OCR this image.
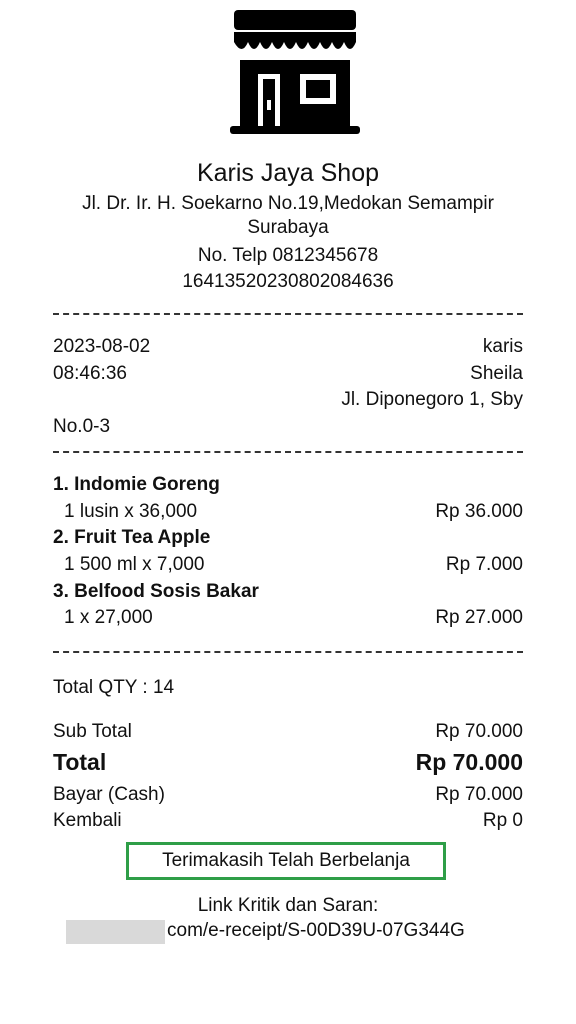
Karis Jaya Shop
Jl. Dr. Ir. H. Soekarno No.19,Medokan Semampir
Surabaya
No. Telp 0812345678
16413520230802084636
2023-08-02	karis
08:46:36	Sheila
Jl. Diponegoro 1, Sby
No.0-3
1. Indomie Goreng
1 lusin x 36,000	Rp 36.000
2. Fruit Tea Apple
1 500 ml x 7,000	Rp 7.000
3. Belfood Sosis Bakar
1 x 27,000	Rp 27.000
Total QTY : 14
Sub Total	Rp 70.000
Total	Rp 70.000
Bayar (Cash)	Rp 70.000
Kembali	Rp 0
Terimakasih Telah Berbelanja
Link Kritik dan Saran:
com/e-receipt/S-00D39U-07G344G
